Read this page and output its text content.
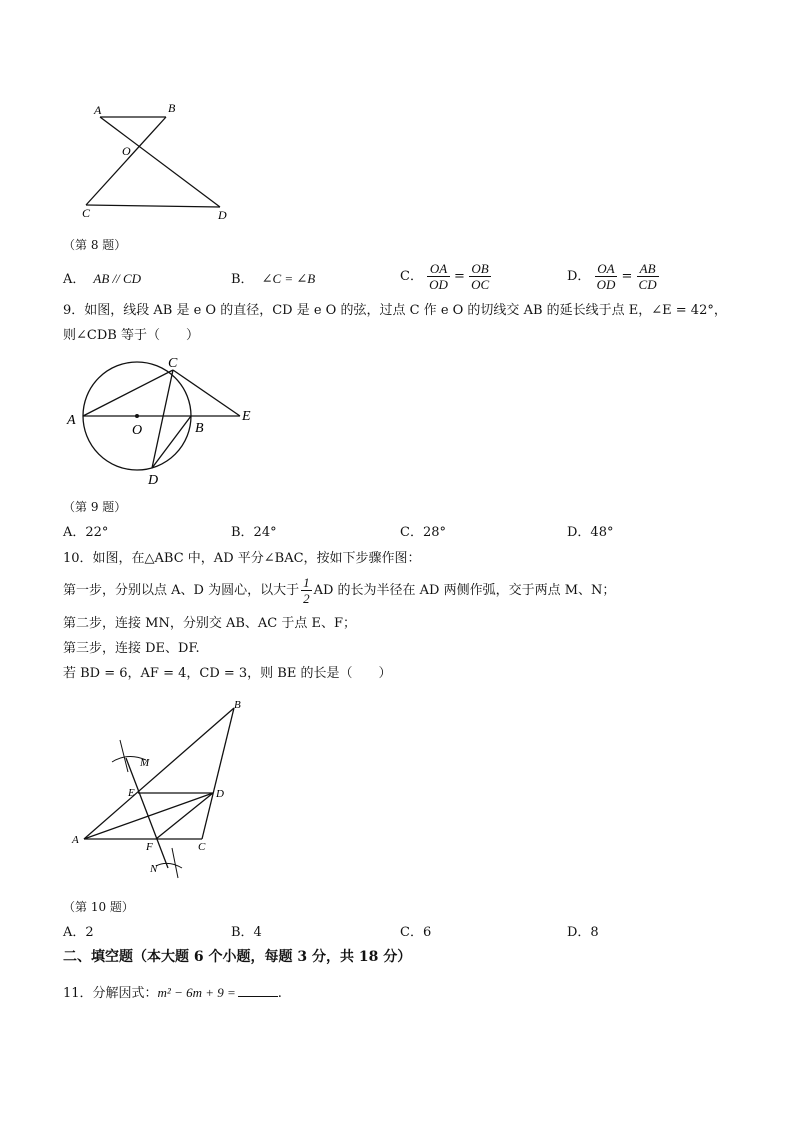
A	B
O
C	D
（第 8 题）
A． AB // CD	B． ∠C = ∠B	C． $\frac{OA}{OD} = \frac{OB}{OC}$	D． $\frac{OA}{OD} = \frac{AB}{CD}$
9．如图，线段 AB 是 e O 的直径，CD 是 e O 的弦，过点 C 作 e O 的切线交 AB 的延长线于点 E，∠E = 42°，
则∠CDB 等于（　　）
A
O	B
C
D
E
（第 9 题）
A．22°	B．24°	C．28°	D．48°
10．如图，在△ABC 中，AD 平分∠BAC，按如下步骤作图：
第一步，分别以点 A、D 为圆心，以大于 $\frac{1}{2}$ AD 的长为半径在 AD 两侧作弧，交于两点 M、N；
第二步，连接 MN，分别交 AB、AC 于点 E、F；
第三步，连接 DE、DF.
若 BD = 6，AF = 4，CD = 3，则 BE 的长是（　　）
A
B
C
D
E
F
M
N
（第 10 题）
A．2	B．4	C．6	D．8
二、填空题（本大题 6 个小题，每题 3 分，共 18 分）
11．分解因式：m² − 6m + 9 =	.
